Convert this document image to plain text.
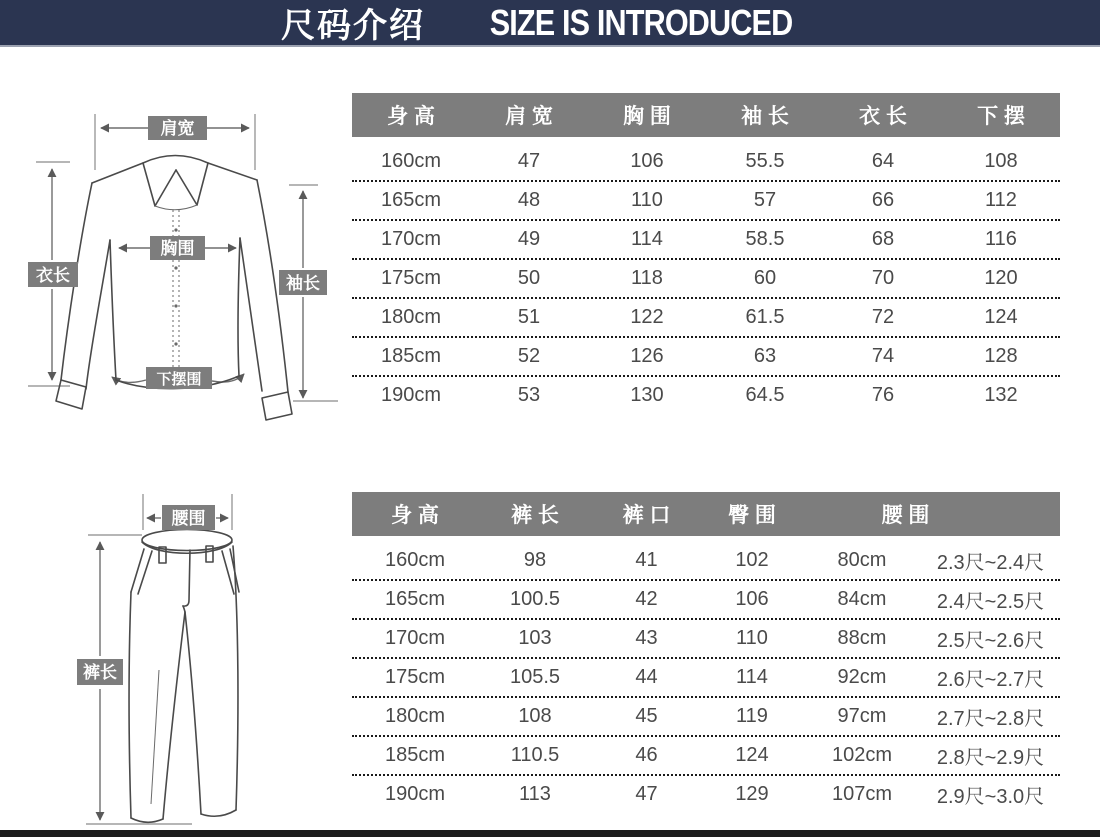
尺码介绍 SIZE IS INTRODUCED
肩宽
衣长	袖长
胸围
下摆围
身 高	肩 宽	胸 围	袖 长	衣 长	下 摆
160cm	47	106	55.5	64	108
165cm	48	110	57	66	112
170cm	49	114	58.5	68	116
175cm	50	118	60	70	120
180cm	51	122	61.5	72	124
185cm	52	126	63	74	128
190cm	53	130	64.5	76	132
腰围
裤长
身 高	裤 长	裤 口	臀 围	腰 围
160cm	98	41	102	80cm	2.3尺~2.4尺
165cm	100.5	42	106	84cm	2.4尺~2.5尺
170cm	103	43	110	88cm	2.5尺~2.6尺
175cm	105.5	44	114	92cm	2.6尺~2.7尺
180cm	108	45	119	97cm	2.7尺~2.8尺
185cm	110.5	46	124	102cm	2.8尺~2.9尺
190cm	113	47	129	107cm	2.9尺~3.0尺
